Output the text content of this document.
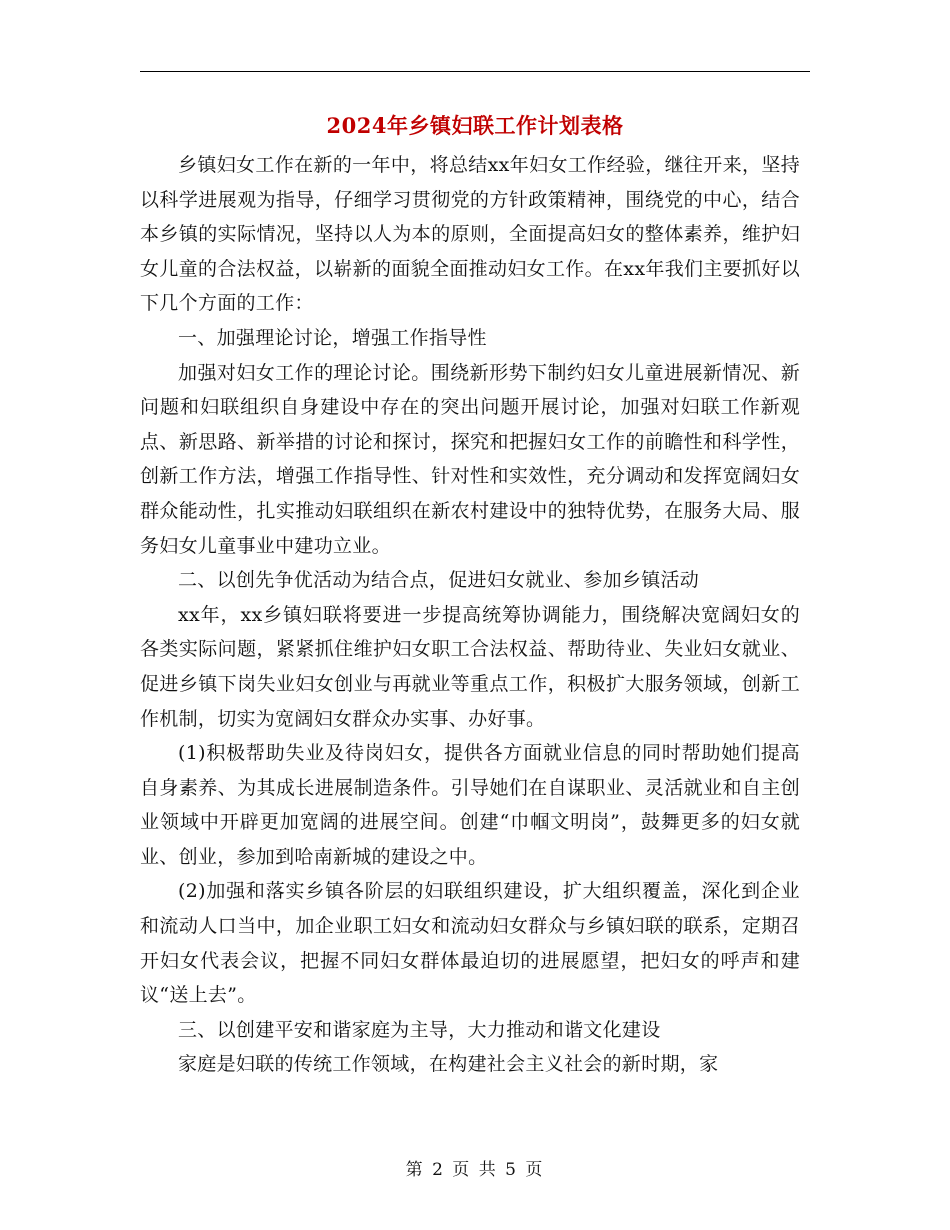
2024年乡镇妇联工作计划表格

乡镇妇女工作在新的一年中，将总结xx年妇女工作经验，继往开来，坚持以科学进展观为指导，仔细学习贯彻党的方针政策精神，围绕党的中心，结合本乡镇的实际情况，坚持以人为本的原则，全面提高妇女的整体素养，维护妇女儿童的合法权益，以崭新的面貌全面推动妇女工作。在xx年我们主要抓好以下几个方面的工作：

一、加强理论讨论，增强工作指导性

加强对妇女工作的理论讨论。围绕新形势下制约妇女儿童进展新情况、新问题和妇联组织自身建设中存在的突出问题开展讨论，加强对妇联工作新观点、新思路、新举措的讨论和探讨，探究和把握妇女工作的前瞻性和科学性，创新工作方法，增强工作指导性、针对性和实效性，充分调动和发挥宽阔妇女群众能动性，扎实推动妇联组织在新农村建设中的独特优势，在服务大局、服务妇女儿童事业中建功立业。

二、以创先争优活动为结合点，促进妇女就业、参加乡镇活动

xx年，xx乡镇妇联将要进一步提高统筹协调能力，围绕解决宽阔妇女的各类实际问题，紧紧抓住维护妇女职工合法权益、帮助待业、失业妇女就业、促进乡镇下岗失业妇女创业与再就业等重点工作，积极扩大服务领域，创新工作机制，切实为宽阔妇女群众办实事、办好事。

(1)积极帮助失业及待岗妇女，提供各方面就业信息的同时帮助她们提高自身素养、为其成长进展制造条件。引导她们在自谋职业、灵活就业和自主创业领域中开辟更加宽阔的进展空间。创建“巾帼文明岗”，鼓舞更多的妇女就业、创业，参加到哈南新城的建设之中。

(2)加强和落实乡镇各阶层的妇联组织建设，扩大组织覆盖，深化到企业和流动人口当中，加企业职工妇女和流动妇女群众与乡镇妇联的联系，定期召开妇女代表会议，把握不同妇女群体最迫切的进展愿望，把妇女的呼声和建议“送上去”。

三、以创建平安和谐家庭为主导，大力推动和谐文化建设

家庭是妇联的传统工作领域，在构建社会主义社会的新时期，家

第 2 页 共 5 页
